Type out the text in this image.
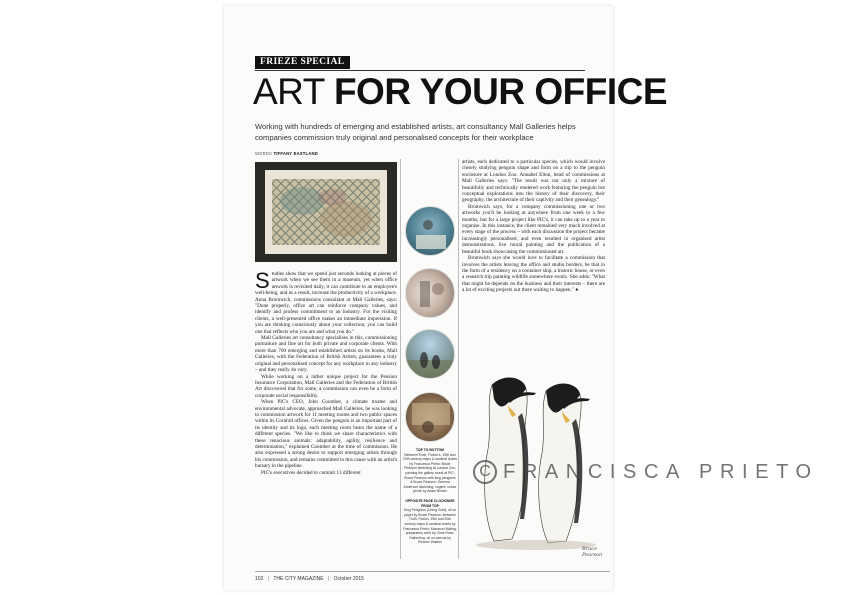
FRIEZE SPECIAL
ART FOR YOUR OFFICE
Working with hundreds of emerging and established artists, art consultancy Mall Galleries helps companies commission truly original and personalised concepts for their workplace
WORDS TIFFANY EASTLAND

Studies show that we spend just seconds looking at pieces of artwork when we see them in a museum, yet when office artwork is revisited daily, it can contribute to an employee's well-being, and as a result, increase the productivity of a workplace. Anna Bromwich, commissions consultant at Mall Galleries, says: "Done properly, office art can reinforce company values, and identify and profess commitment to an industry. For the visiting clients, a well-presented office makes an immediate impression. If you are thinking consciously about your collection, you can build one that reflects who you are and what you do."

Mall Galleries art consultancy specialises in this, commissioning portraiture and fine art for both private and corporate clients. With more than 700 emerging and established artists on its books, Mall Galleries, with the Federation of British Artists, guarantees a truly original and personalised concept for any workplace in any industry – and they really do vary.

While working on a rather unique project for the Pension Insurance Corporation, Mall Galleries and the Federation of British Art discovered that for some, a commission can even be a form of corporate social responsibility.

When PIC's CEO, John Coomber, a climate trustee and environmental advocate, approached Mall Galleries, he was looking to commission artwork for 11 meeting rooms and two public spaces within its Cornhill offices. Given the penguin is an important part of its identity and its logo, each meeting room bears the name of a different species. "We like to think we share characteristics with these tenacious animals: adaptability, agility, resilience and determination," explained Coomber at the time of commission. He also expressed a strong desire to support emerging artists through his commission, and remains committed to this cause with an artist's bursary in the pipeline.

PIC's executives decided to commit 13 different

TOP TO BOTTOM
Between Truth, Fiction's, 19th and 20th century maps & nautical charts by Francesca Prieto; Bruce Pearson sketching at London Zoo; painting the gallery mural at PIC; Bruce Pearson with king penguins & Bruce Pearson; Gemma Anderson sketching; cogent, colour pencil by Adam Binder
OPPOSITE PAGE CLOCKWISE FROM TOP
King Penguins (Lining Gold), oil on paper by Bruce Pearson; Between Truth, Fiction, 19th and 20th century maps & nautical charts by Francesca Prieto; Macaroni Mating, preparatory work by Chris Rose; Gatherling, oil on canvas by Eleanor Watson

artists, each dedicated to a particular species, which would involve closely studying penguin shape and form on a trip to the penguin enclosure at London Zoo. Annabel Elton, head of commissions at Mall Galleries says: "The result was not only a mixture of beautifully and technically rendered work featuring the penguin but conceptual explorations into the history of their discovery, their geography, the architecture of their captivity and their genealogy."

Bromwich says, for a company commissioning one or two artworks you'll be looking at anywhere from one week to a few months, but for a large project like PIC's, it can take up to a year to organise. In this instance, the client remained very much involved at every stage of the process – with each discussion the project became increasingly personalised, and even resulted in organised artist demonstrations, live mural painting and the publication of a beautiful book showcasing the commissioned art.

Bromwich says she would love to facilitate a commission that involves the artists leaving the office and studio borders, be that in the form of a residency on a container ship, a historic house, or even a research trip painting wildlife somewhere exotic. She adds: "What that might be depends on the business and their interests – there are a lot of exciting projects out there waiting to happen." ●

Bruce Pearson
102 | THE CITY MAGAZINE | October 2015
C FRANCISCA PRIETO
